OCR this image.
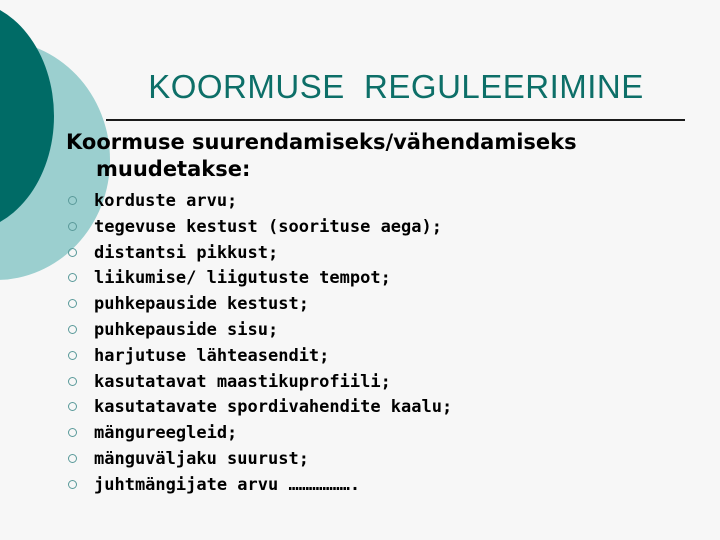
KOORMUSE  REGULEERIMINE
Koormuse suurendamiseks/vähendamiseks muudetakse:
korduste arvu;
tegevuse kestust (soorituse aega);
distantsi pikkust;
liikumise/ liigutuste tempot;
puhkepauside kestust;
puhkepauside sisu;
harjutuse lähteasendit;
kasutatavat maastikuprofiili;
kasutatavate spordivahendite kaalu;
mängureegleid;
mänguväljaku suurust;
juhtmängijate arvu ……………….
